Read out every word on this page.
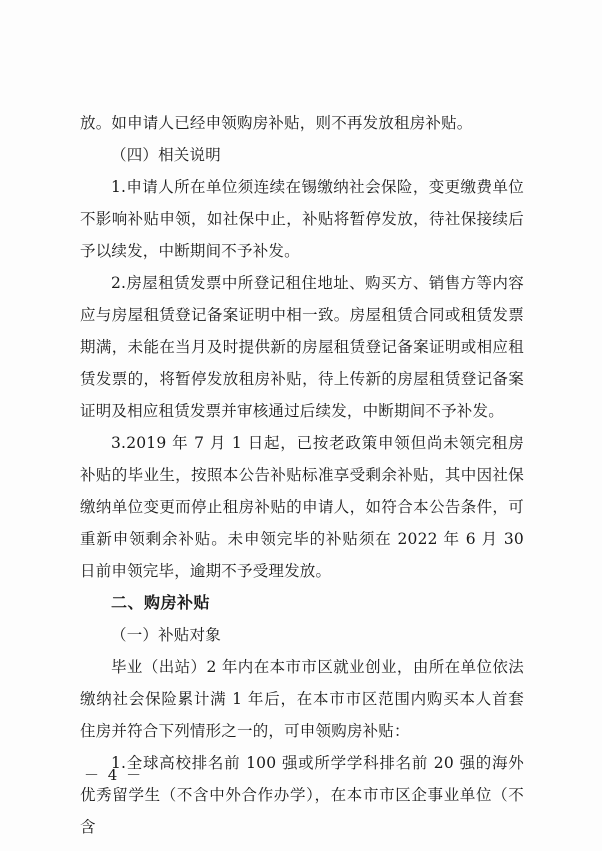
放。如申请人已经申领购房补贴，则不再发放租房补贴。

（四）相关说明

1.申请人所在单位须连续在锡缴纳社会保险，变更缴费单位不影响补贴申领，如社保中止，补贴将暂停发放，待社保接续后予以续发，中断期间不予补发。

2.房屋租赁发票中所登记租住地址、购买方、销售方等内容应与房屋租赁登记备案证明中相一致。房屋租赁合同或租赁发票期满，未能在当月及时提供新的房屋租赁登记备案证明或相应租赁发票的，将暂停发放租房补贴，待上传新的房屋租赁登记备案证明及相应租赁发票并审核通过后续发，中断期间不予补发。

3.2019 年 7 月 1 日起，已按老政策申领但尚未领完租房补贴的毕业生，按照本公告补贴标准享受剩余补贴，其中因社保缴纳单位变更而停止租房补贴的申请人，如符合本公告条件，可重新申领剩余补贴。未申领完毕的补贴须在 2022 年 6 月 30 日前申领完毕，逾期不予受理发放。

二、购房补贴

（一）补贴对象

毕业（出站）2 年内在本市市区就业创业，由所在单位依法缴纳社会保险累计满 1 年后，在本市市区范围内购买本人首套住房并符合下列情形之一的，可申领购房补贴：

1.全球高校排名前 100 强或所学学科排名前 20 强的海外优秀留学生（不含中外合作办学），在本市市区企事业单位（不含

－ 4 －
